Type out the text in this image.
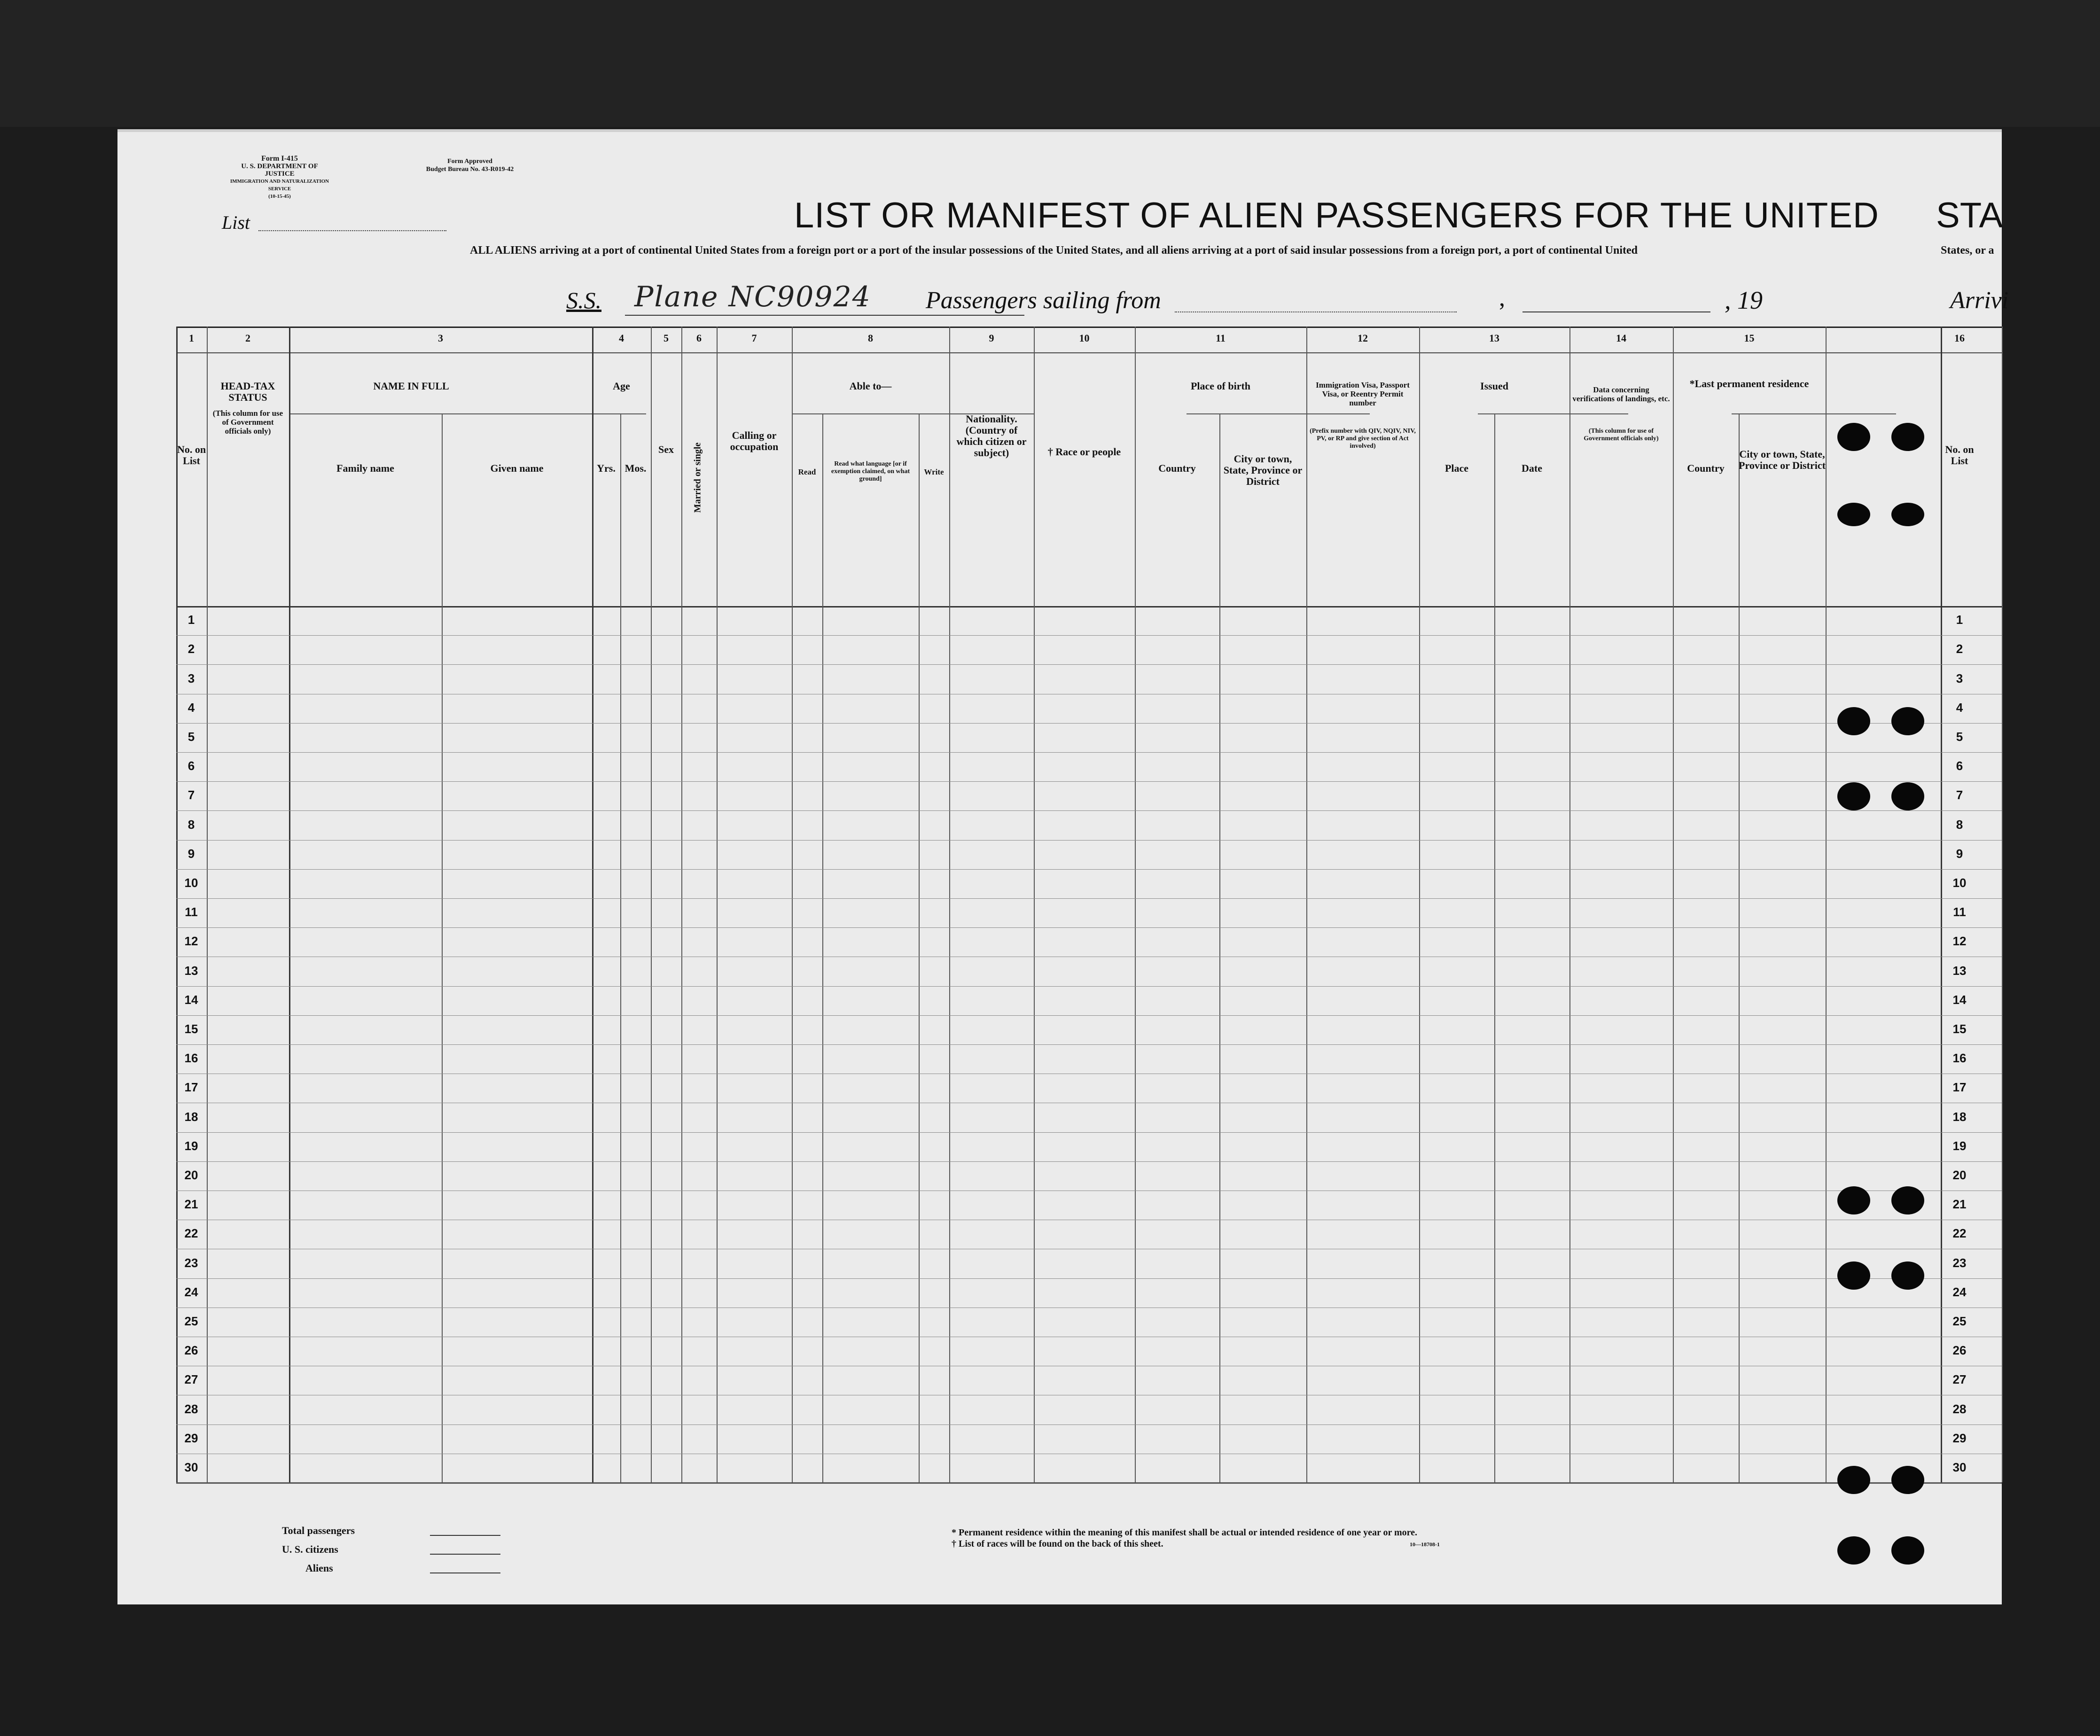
Form I-415
U. S. DEPARTMENT OF JUSTICE
IMMIGRATION AND NATURALIZATION SERVICE
(10-15-45)
Form Approved
Budget Bureau No. 43-R019-42
List	LIST OR MANIFEST OF ALIEN PASSENGERS FOR THE UNITED	STA
ALL ALIENS arriving at a port of continental United States from a foreign port or a port of the insular possessions of the United States, and all aliens arriving at a port of said insular possessions from a foreign port, a port of continental United	States, or a
S.S. Plane NC90924 Passengers sailing from	,	, 19	Arrivi
1	2	3	4	5	6	7	8	9	10	11	12	13	14	15	16
No. on List
HEAD-TAX STATUS
(This column for use of Government officials only)
NAME IN FULL
Family name	Given name
Age
Yrs. Mos.
Sex	Married or single
Calling or occupation
Able to—
Read
Read what language [or if exemption claimed, on what ground]
Write
Nationality. (Country of which citizen or subject)	† Race or people
Place of birth
Country
City or town, State, Province or District
Immigration Visa, Passport Visa, or Reentry Permit number
(Prefix number with QIV, NQIV, NIV, PV, or RP and give section of Act involved)
Issued
Place	Date
Data concerning verifications of landings, etc.
(This column for use of Government officials only)
*Last permanent residence
Country
City or town, State, Province or District
No. on List
1	1
2	2
3	3
4	4
5	5
6	6
7	7
8	8
9	9
10	10
11	11
12	12
13	13
14	14
15	15
16	16
17	17
18	18
19	19
20	20
21	21
22	22
23	23
24	24
25	25
26	26
27	27
28	28
29	29
30	30
Total passengers
U. S. citizens
Aliens
* Permanent residence within the meaning of this manifest shall be actual or intended residence of one year or more.
† List of races will be found on the back of this sheet.	10—18708-1
